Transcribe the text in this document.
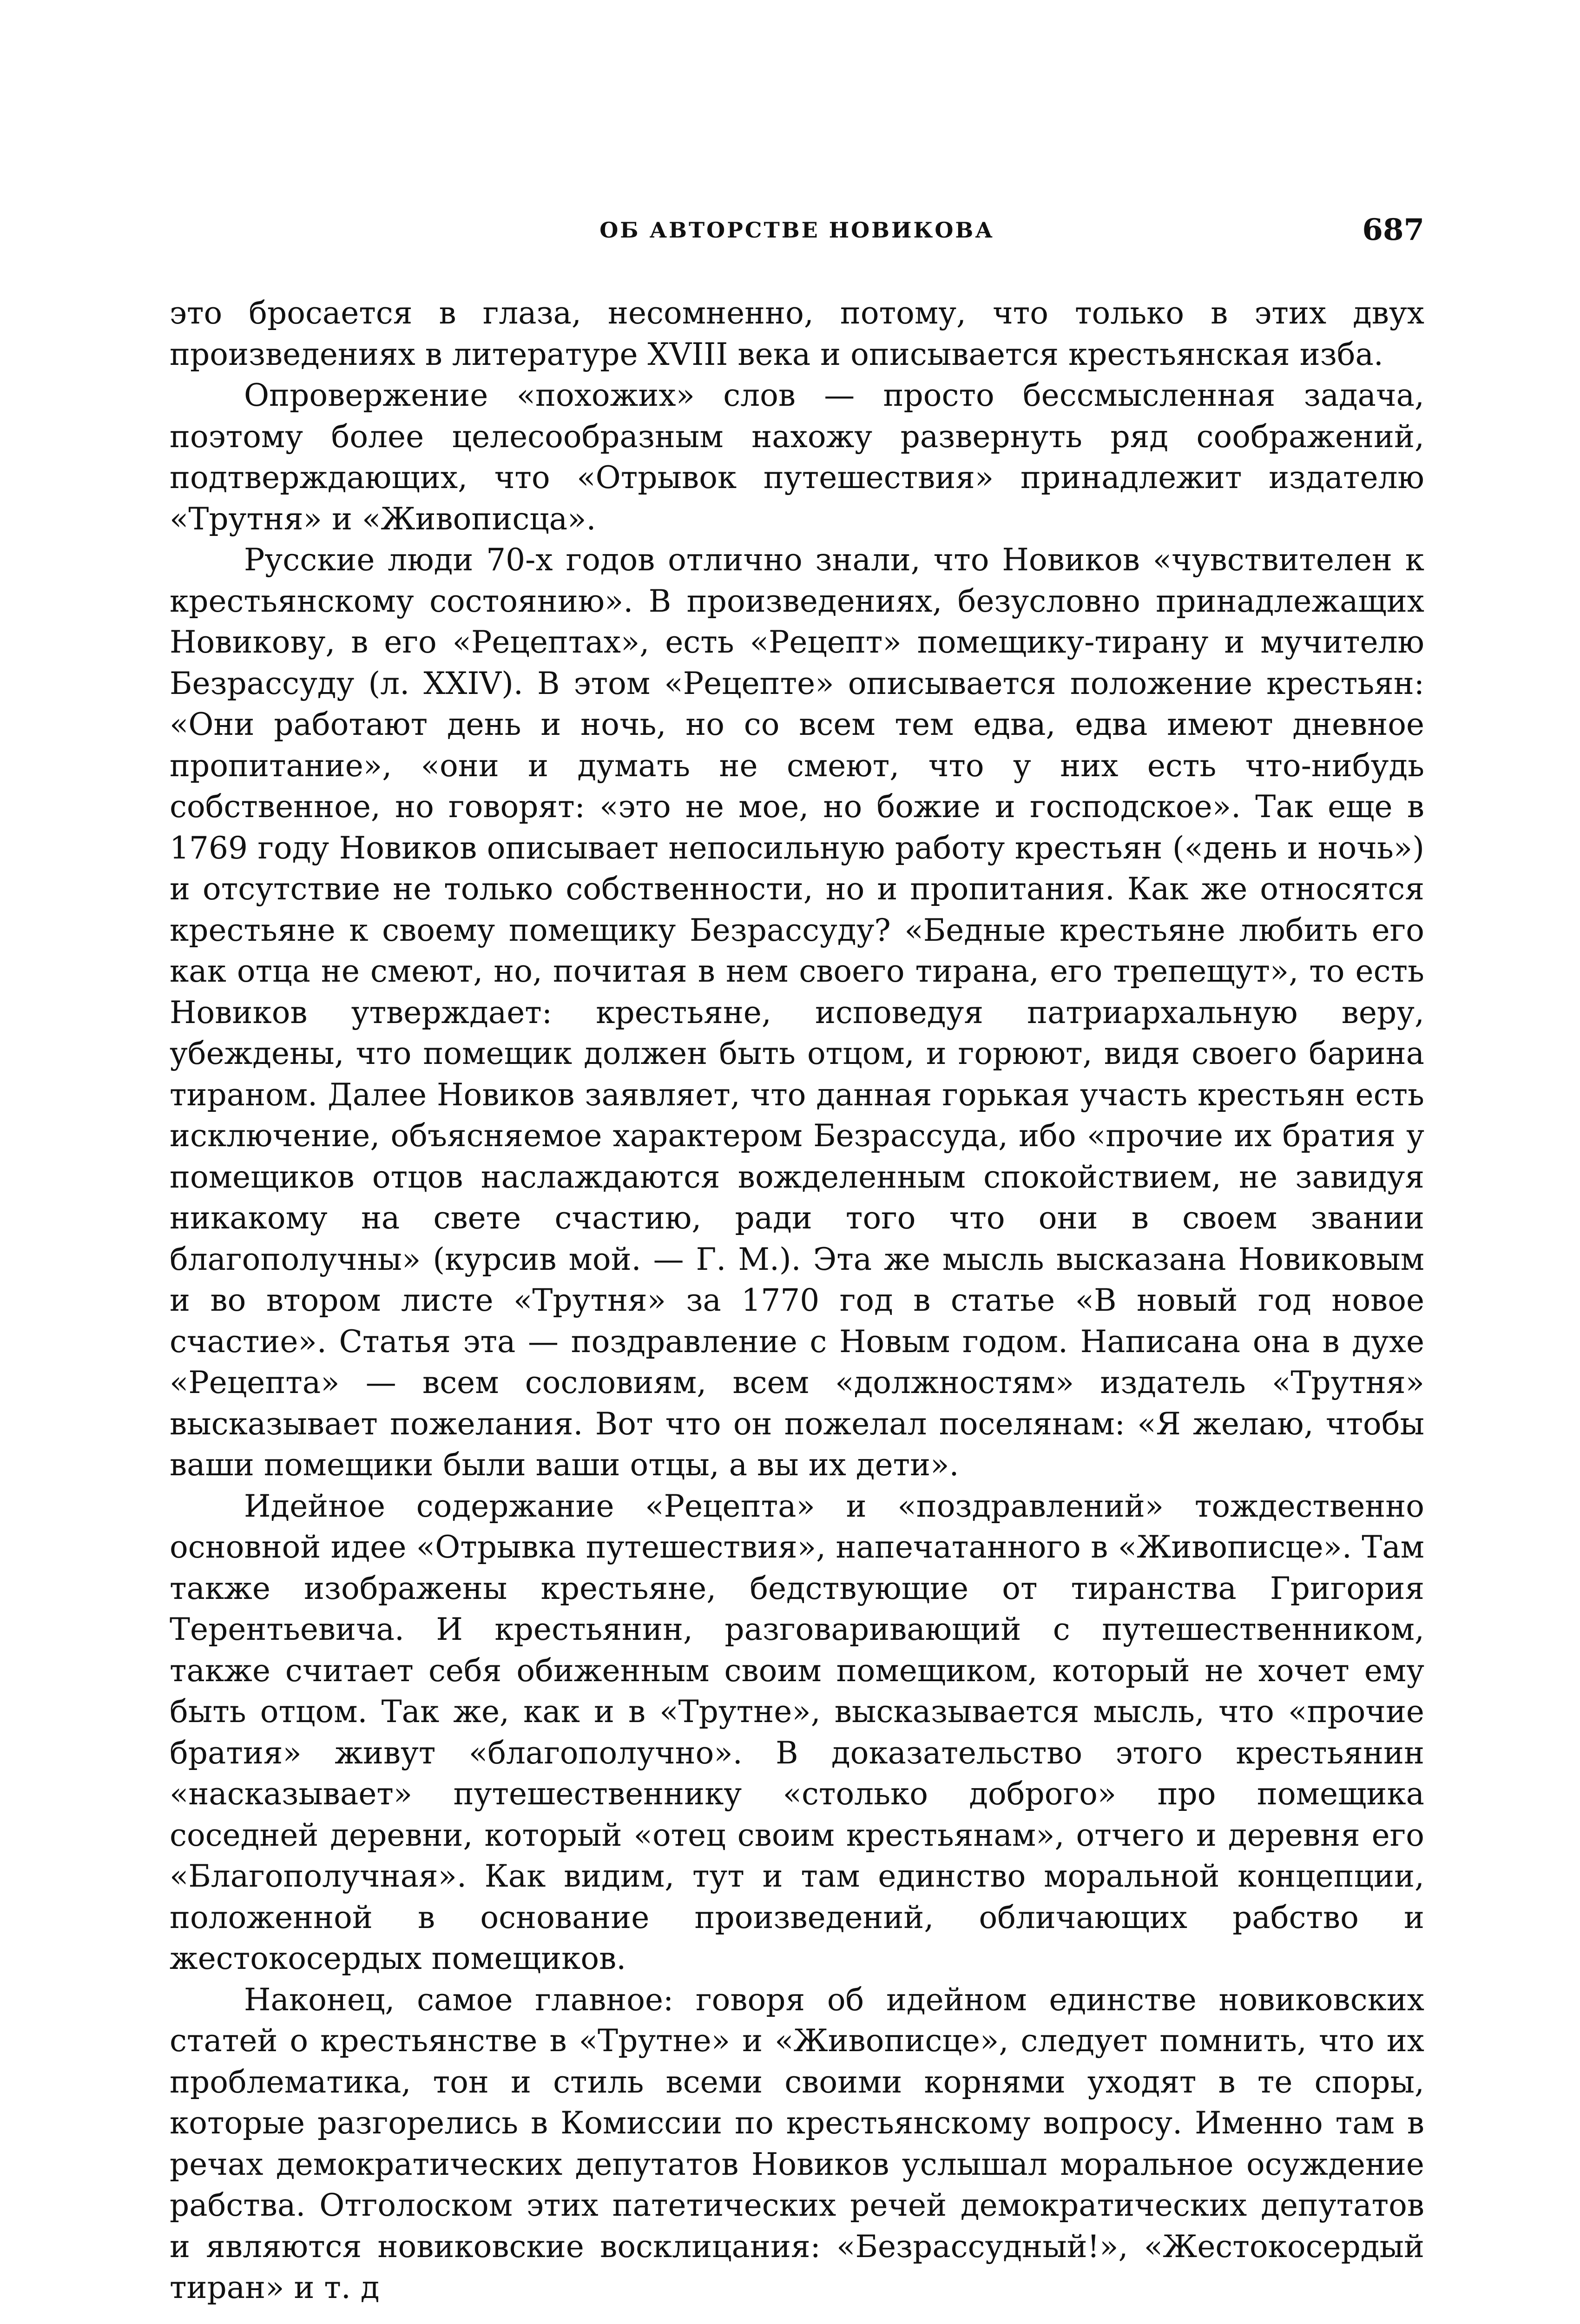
ОБ АВТОРСТВЕ НОВИКОВА	687

это бросается в глаза, несомненно, потому, что только в этих двух произведениях в литературе XVIII века и описывается крестьянская изба.

Опровержение «похожих» слов — просто бессмысленная задача, поэтому более целесообразным нахожу развернуть ряд соображений, подтверждающих, что «Отрывок путешествия» принадлежит издателю «Трутня» и «Живописца».

Русские люди 70-х годов отлично знали, что Новиков «чувствителен к крестьянскому состоянию». В произведениях, безусловно принадлежащих Новикову, в его «Рецептах», есть «Рецепт» помещику-тирану и мучителю Безрассуду (л. XXIV). В этом «Рецепте» описывается положение крестьян: «Они работают день и ночь, но со всем тем едва, едва имеют дневное пропитание», «они и думать не смеют, что у них есть что-нибудь собственное, но говорят: «это не мое, но божие и господское». Так еще в 1769 году Новиков описывает непосильную работу крестьян («день и ночь») и отсутствие не только собственности, но и пропитания. Как же относятся крестьяне к своему помещику Безрассуду? «Бедные крестьяне любить его как отца не смеют, но, почитая в нем своего тирана, его трепещут», то есть Новиков утверждает: крестьяне, исповедуя патриархальную веру, убеждены, что помещик должен быть отцом, и горюют, видя своего барина тираном. Далее Новиков заявляет, что данная горькая участь крестьян есть исключение, объясняемое характером Безрассуда, ибо «прочие их братия у помещиков отцов наслаждаются вожделенным спокойствием, не завидуя никакому на свете счастию, ради того что они в своем звании благополучны» (курсив мой. — Г. М.). Эта же мысль высказана Новиковым и во втором листе «Трутня» за 1770 год в статье «В новый год новое счастие». Статья эта — поздравление с Новым годом. Написана она в духе «Рецепта» — всем сословиям, всем «должностям» издатель «Трутня» высказывает пожелания. Вот что он пожелал поселянам: «Я желаю, чтобы ваши помещики были ваши отцы, а вы их дети».

Идейное содержание «Рецепта» и «поздравлений» тождественно основной идее «Отрывка путешествия», напечатанного в «Живописце». Там также изображены крестьяне, бедствующие от тиранства Григория Терентьевича. И крестьянин, разговаривающий с путешественником, также считает себя обиженным своим помещиком, который не хочет ему быть отцом. Так же, как и в «Трутне», высказывается мысль, что «прочие братия» живут «благополучно». В доказательство этого крестьянин «насказывает» путешественнику «столько доброго» про помещика соседней деревни, который «отец своим крестьянам», отчего и деревня его «Благополучная». Как видим, тут и там единство моральной концепции, положенной в основание произведений, обличающих рабство и жестокосердых помещиков.

Наконец, самое главное: говоря об идейном единстве новиковских статей о крестьянстве в «Трутне» и «Живописце», следует помнить, что их проблематика, тон и стиль всеми своими корнями уходят в те споры, которые разгорелись в Комиссии по крестьянскому вопросу. Именно там в речах демократических депутатов Новиков услышал моральное осуждение рабства. Отголоском этих патетических речей демократических депутатов и являются новиковские восклицания: «Безрассудный!», «Жестокосердый тиран» и т. д
